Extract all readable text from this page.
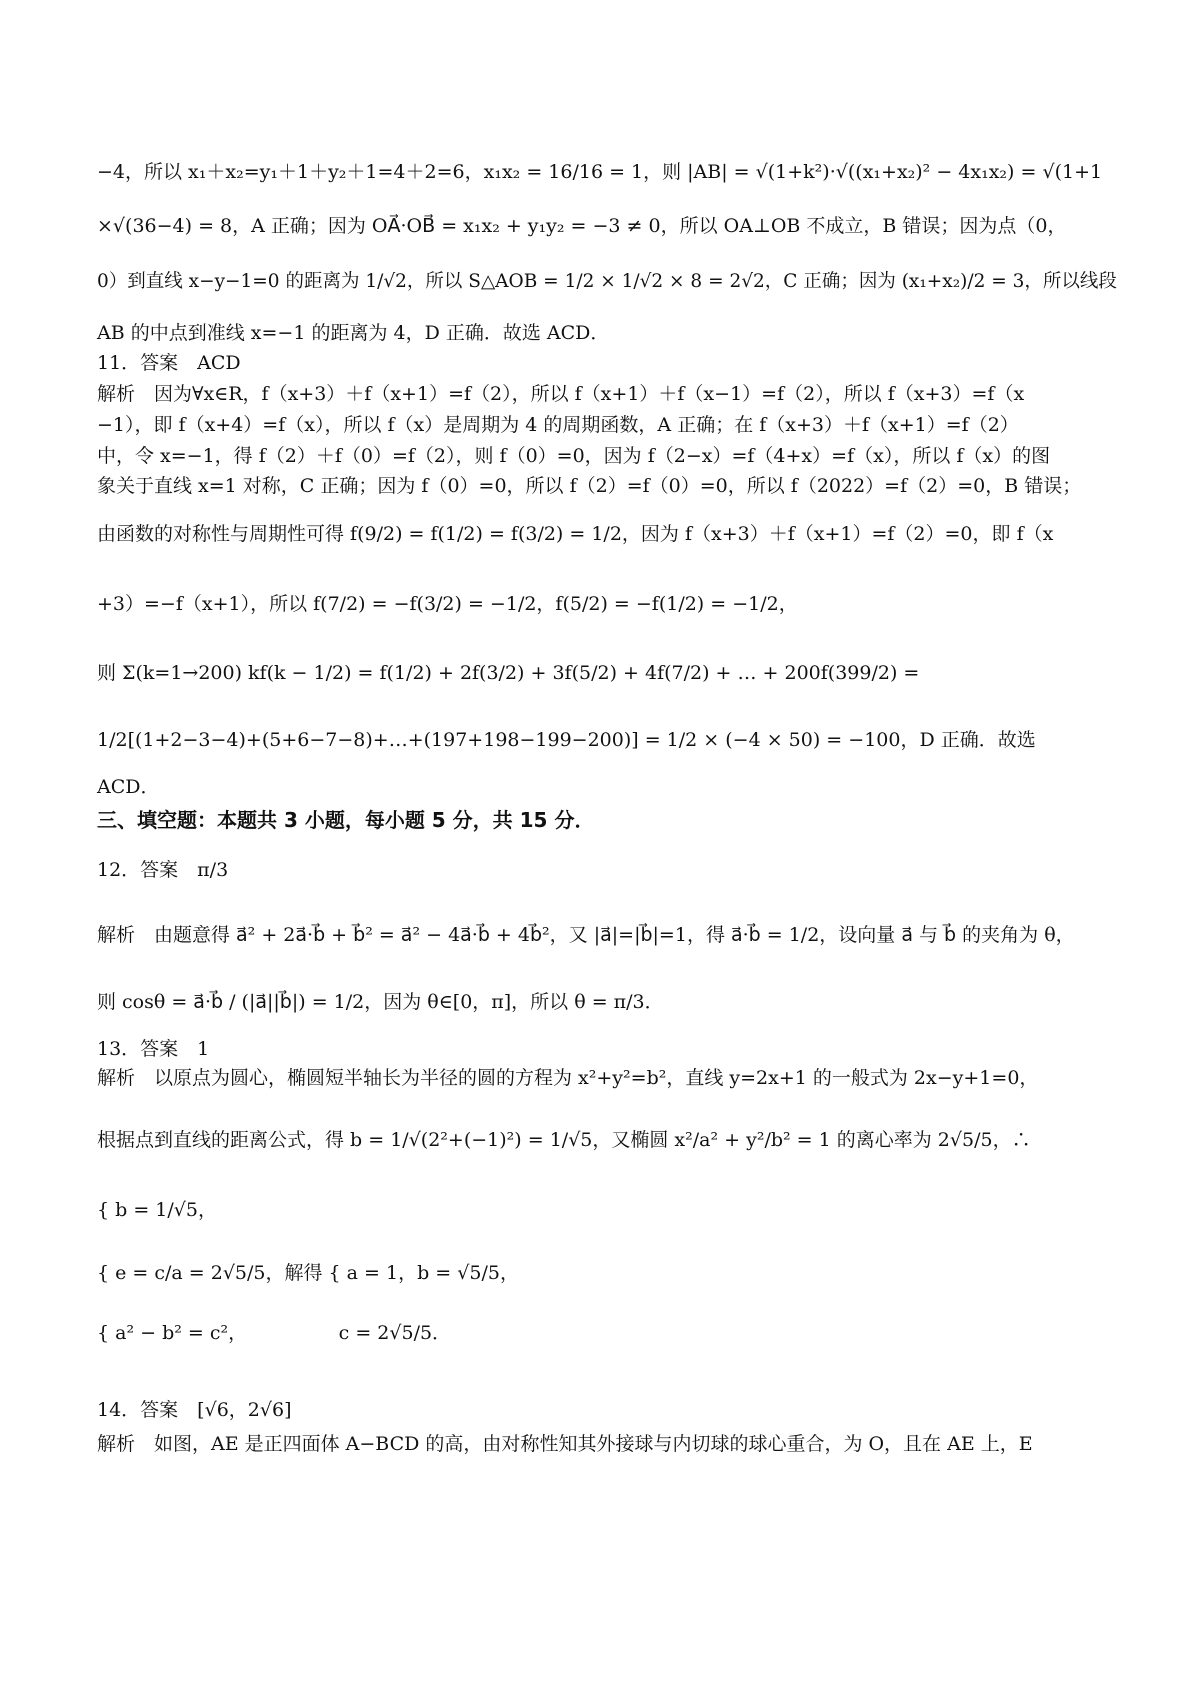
−4，所以 x₁＋x₂=y₁＋1＋y₂＋1=4＋2=6，x₁x₂ = 16/16 = 1，则 |AB| = √(1+k²)·√((x₁+x₂)² − 4x₁x₂) = √(1+1
×√(36−4) = 8，A 正确；因为 OA⃗·OB⃗ = x₁x₂ + y₁y₂ = −3 ≠ 0，所以 OA⊥OB 不成立，B 错误；因为点（0，
0）到直线 x−y−1=0 的距离为 1/√2，所以 S△AOB = 1/2 × 1/√2 × 8 = 2√2，C 正确；因为 (x₁+x₂)/2 = 3，所以线段
AB 的中点到准线 x=−1 的距离为 4，D 正确．故选 ACD．
11．答案　ACD
解析　因为∀x∈R，f（x+3）＋f（x+1）=f（2），所以 f（x+1）＋f（x−1）=f（2），所以 f（x+3）=f（x
−1），即 f（x+4）=f（x），所以 f（x）是周期为 4 的周期函数，A 正确；在 f（x+3）＋f（x+1）=f（2）
中，令 x=−1，得 f（2）＋f（0）=f（2），则 f（0）=0，因为 f（2−x）=f（4+x）=f（x），所以 f（x）的图
象关于直线 x=1 对称，C 正确；因为 f（0）=0，所以 f（2）=f（0）=0，所以 f（2022）=f（2）=0，B 错误；
由函数的对称性与周期性可得 f(9/2) = f(1/2) = f(3/2) = 1/2，因为 f（x+3）＋f（x+1）=f（2）=0，即 f（x
+3）=−f（x+1），所以 f(7/2) = −f(3/2) = −1/2，f(5/2) = −f(1/2) = −1/2，
则 Σ(k=1→200) kf(k − 1/2) = f(1/2) + 2f(3/2) + 3f(5/2) + 4f(7/2) + … + 200f(399/2) =
1/2[(1+2−3−4)+(5+6−7−8)+…+(197+198−199−200)] = 1/2 × (−4 × 50) = −100，D 正确．故选
ACD．
三、填空题：本题共 3 小题，每小题 5 分，共 15 分．
12．答案　π/3
解析　由题意得 a⃗² + 2a⃗·b⃗ + b⃗² = a⃗² − 4a⃗·b⃗ + 4b⃗²，又 |a⃗|=|b⃗|=1，得 a⃗·b⃗ = 1/2，设向量 a⃗ 与 b⃗ 的夹角为 θ，
则 cosθ = a⃗·b⃗ / (|a⃗||b⃗|) = 1/2，因为 θ∈[0，π]，所以 θ = π/3．
13．答案　1
解析　以原点为圆心，椭圆短半轴长为半径的圆的方程为 x²+y²=b²，直线 y=2x+1 的一般式为 2x−y+1=0，
根据点到直线的距离公式，得 b = 1/√(2²+(−1)²) = 1/√5，又椭圆 x²/a² + y²/b² = 1 的离心率为 2√5/5，∴
{ b = 1/√5，
{ e = c/a = 2√5/5，解得 { a = 1，b = √5/5，
{ a² − b² = c²，　　　　　 c = 2√5/5．
14．答案　[√6，2√6]
解析　如图，AE 是正四面体 A−BCD 的高，由对称性知其外接球与内切球的球心重合，为 O，且在 AE 上，E
